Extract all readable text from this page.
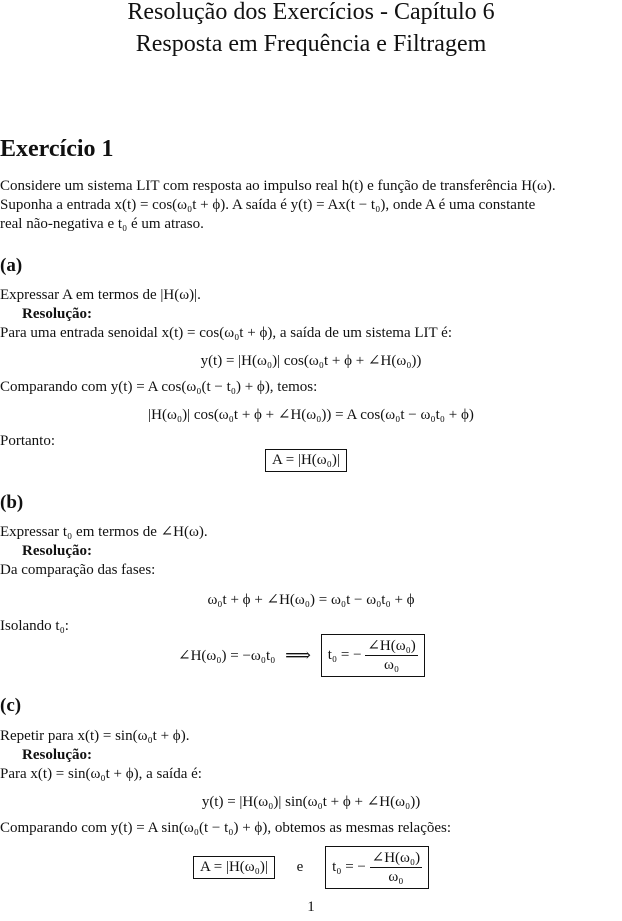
Resolução dos Exercícios - Capítulo 6
Resposta em Frequência e Filtragem
Exercício 1
Considere um sistema LIT com resposta ao impulso real h(t) e função de transferência H(ω).
Suponha a entrada x(t) = cos(ω₀t + ϕ). A saída é y(t) = Ax(t − t₀), onde A é uma constante
real não-negativa e t₀ é um atraso.
(a)
Expressar A em termos de |H(ω)|.
Resolução:
Para uma entrada senoidal x(t) = cos(ω₀t + ϕ), a saída de um sistema LIT é:
y(t) = |H(ω₀)| cos(ω₀t + ϕ + ∠H(ω₀))
Comparando com y(t) = A cos(ω₀(t − t₀) + ϕ), temos:
|H(ω₀)| cos(ω₀t + ϕ + ∠H(ω₀)) = A cos(ω₀t − ω₀t₀ + ϕ)
Portanto:
A = |H(ω₀)|
(b)
Expressar t₀ em termos de ∠H(ω).
Resolução:
Da comparação das fases:
ω₀t + ϕ + ∠H(ω₀) = ω₀t − ω₀t₀ + ϕ
Isolando t₀:
∠H(ω₀) = −ω₀t₀ ⟹ t₀ = − $\frac{\text{∠H(ω₀)}}{\text{ω₀}}$
(c)
Repetir para x(t) = sin(ω₀t + ϕ).
Resolução:
Para x(t) = sin(ω₀t + ϕ), a saída é:
y(t) = |H(ω₀)| sin(ω₀t + ϕ + ∠H(ω₀))
Comparando com y(t) = A sin(ω₀(t − t₀) + ϕ), obtemos as mesmas relações:
A = |H(ω₀)| e t₀ = − $\frac{\text{∠H(ω₀)}}{\text{ω₀}}$
1
